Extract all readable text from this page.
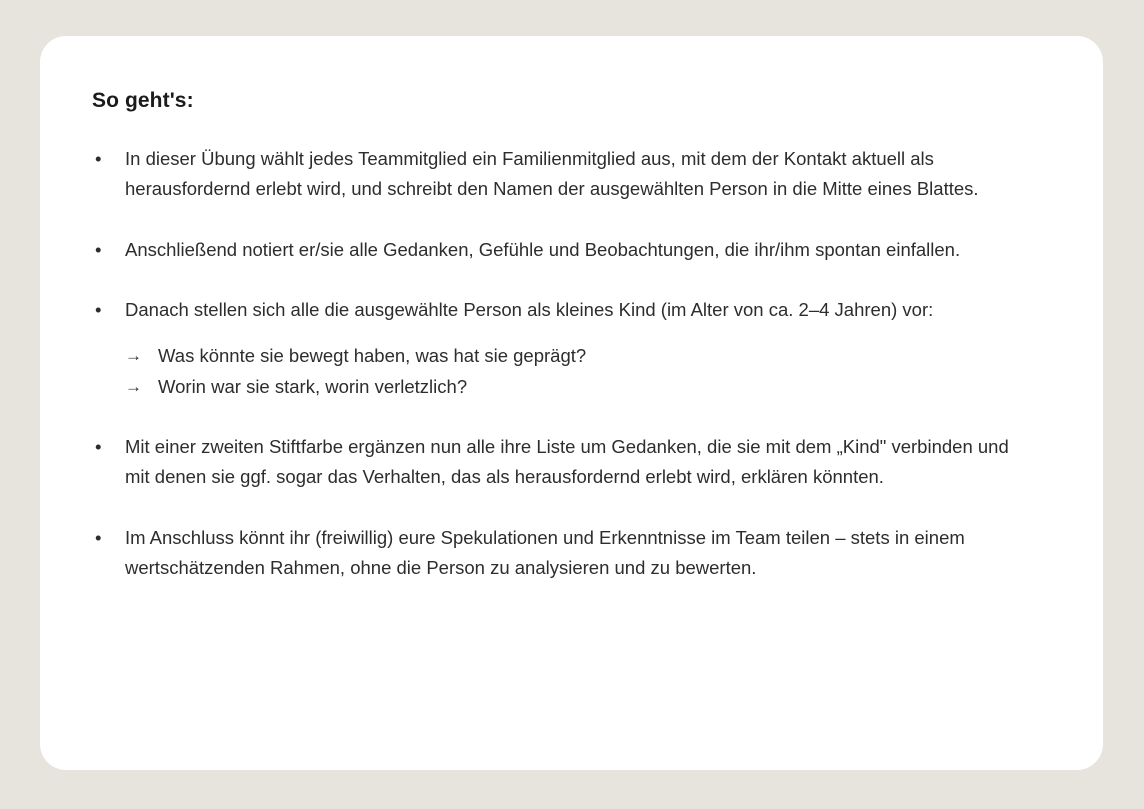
So geht's:
• In dieser Übung wählt jedes Teammitglied ein Familienmitglied aus, mit dem der Kontakt aktuell als herausfordernd erlebt wird, und schreibt den Namen der ausgewählten Person in die Mitte eines Blattes.
• Anschließend notiert er/sie alle Gedanken, Gefühle und Beobachtungen, die ihr/ihm spontan einfallen.
• Danach stellen sich alle die ausgewählte Person als kleines Kind (im Alter von ca. 2–4 Jahren) vor:
→ Was könnte sie bewegt haben, was hat sie geprägt?
→ Worin war sie stark, worin verletzlich?
• Mit einer zweiten Stiftfarbe ergänzen nun alle ihre Liste um Gedanken, die sie mit dem „Kind" verbinden und mit denen sie ggf. sogar das Verhalten, das als herausfordernd erlebt wird, erklären könnten.
• Im Anschluss könnt ihr (freiwillig) eure Spekulationen und Erkenntnisse im Team teilen – stets in einem wertschätzenden Rahmen, ohne die Person zu analysieren und zu bewerten.
